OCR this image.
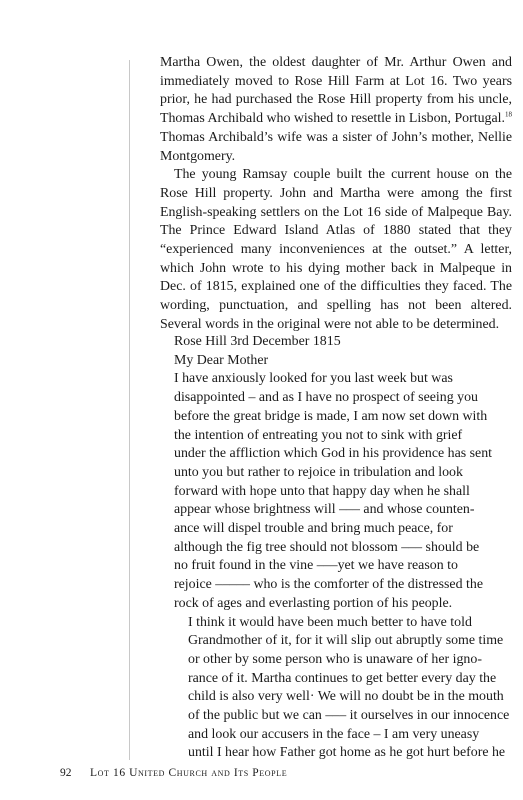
Martha Owen, the oldest daughter of Mr. Arthur Owen and immediately moved to Rose Hill Farm at Lot 16. Two years prior, he had purchased the Rose Hill property from his uncle, Thomas Archibald who wished to resettle in Lisbon, Portugal.$^{18}$ Thomas Archibald’s wife was a sister of John’s mother, Nellie Montgomery.

The young Ramsay couple built the current house on the Rose Hill property. John and Martha were among the first English-speaking settlers on the Lot 16 side of Malpeque Bay. The Prince Edward Island Atlas of 1880 stated that they “experienced many inconveniences at the outset.” A letter, which John wrote to his dying mother back in Malpeque in Dec. of 1815, explained one of the difficulties they faced. The wording, punctuation, and spelling has not been altered. Several words in the original were not able to be determined.

Rose Hill 3rd December 1815

My Dear Mother

I have anxiously looked for you last week but was
disappointed – and as I have no prospect of seeing you
before the great bridge is made, I am now set down with
the intention of entreating you not to sink with grief
under the affliction which God in his providence has sent
unto you but rather to rejoice in tribulation and look
forward with hope unto that happy day when he shall
appear whose brightness will ––– and whose counten-
ance will dispel trouble and bring much peace, for
although the fig tree should not blossom ––– should be
no fruit found in the vine –––yet we have reason to
rejoice ––––– who is the comforter of the distressed the
rock of ages and everlasting portion of his people.

I think it would have been much better to have told
Grandmother of it, for it will slip out abruptly some time
or other by some person who is unaware of her igno-
rance of it. Martha continues to get better every day the
child is also very well· We will no doubt be in the mouth
of the public but we can ––– it ourselves in our innocence
and look our accusers in the face – I am very uneasy
until I hear how Father got home as he got hurt before he

92 Lot 16 United Church and Its People
